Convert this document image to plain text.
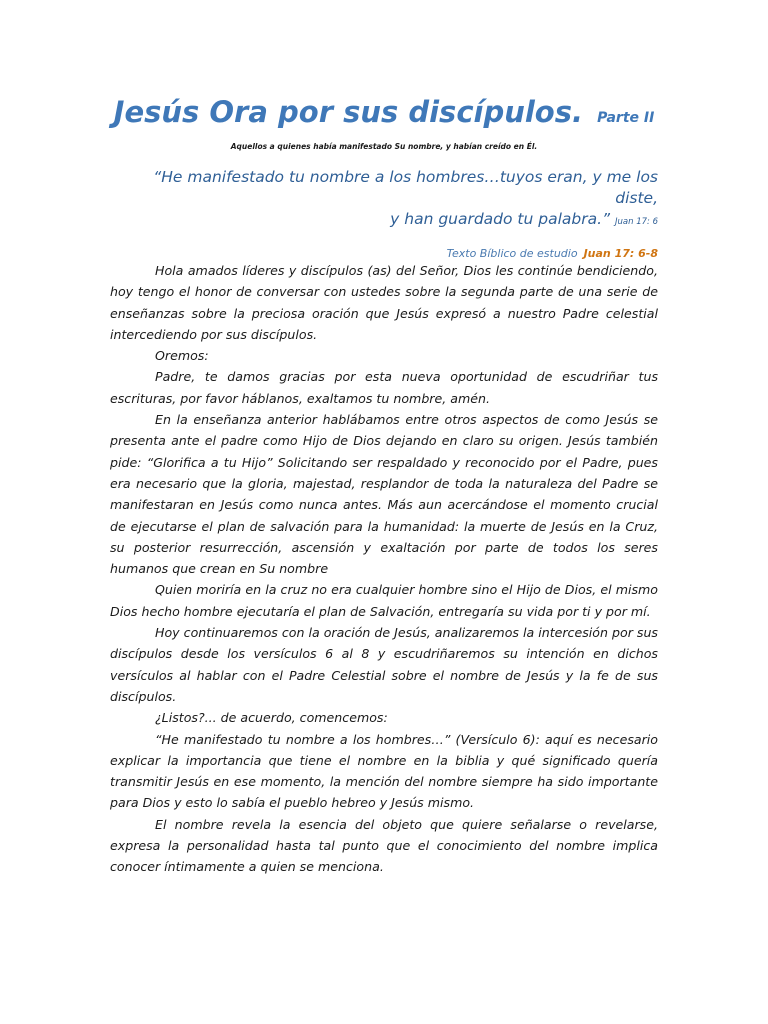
Jesús Ora por sus discípulos. Parte II
Aquellos a quienes había manifestado Su nombre, y habían creído en Él.
“He manifestado tu nombre a los hombres…tuyos eran, y me los diste,
y han guardado tu palabra.” Juan 17: 6
Texto Bíblico de estudio Juan 17: 6-8

Hola amados líderes y discípulos (as) del Señor, Dios les continúe bendiciendo, hoy tengo el honor de conversar con ustedes sobre la segunda parte de una serie de enseñanzas sobre la preciosa oración que Jesús expresó a nuestro Padre celestial intercediendo por sus discípulos.

Oremos:

Padre, te damos gracias por esta nueva oportunidad de escudriñar tus escrituras, por favor háblanos, exaltamos tu nombre, amén.

En la enseñanza anterior hablábamos entre otros aspectos de como Jesús se presenta ante el padre como Hijo de Dios dejando en claro su origen. Jesús también pide: “Glorifica a tu Hijo” Solicitando ser respaldado y reconocido por el Padre, pues era necesario que la gloria, majestad, resplandor de toda la naturaleza del Padre se manifestaran en Jesús como nunca antes. Más aun acercándose el momento crucial de ejecutarse el plan de salvación para la humanidad: la muerte de Jesús en la Cruz, su posterior resurrección, ascensión y exaltación por parte de todos los seres humanos que crean en Su nombre

Quien moriría en la cruz no era cualquier hombre sino el Hijo de Dios, el mismo Dios hecho hombre ejecutaría el plan de Salvación, entregaría su vida por ti y por mí.

Hoy continuaremos con la oración de Jesús, analizaremos la intercesión por sus discípulos desde los versículos 6 al 8 y escudriñaremos su intención en dichos versículos al hablar con el Padre Celestial sobre el nombre de Jesús y la fe de sus discípulos.

¿Listos?... de acuerdo, comencemos:

“He manifestado tu nombre a los hombres…” (Versículo 6): aquí es necesario explicar la importancia que tiene el nombre en la biblia y qué significado quería transmitir Jesús en ese momento, la mención del nombre siempre ha sido importante para Dios y esto lo sabía el pueblo hebreo y Jesús mismo.

El nombre revela la esencia del objeto que quiere señalarse o revelarse, expresa la personalidad hasta tal punto que el conocimiento del nombre implica conocer íntimamente a quien se menciona.
